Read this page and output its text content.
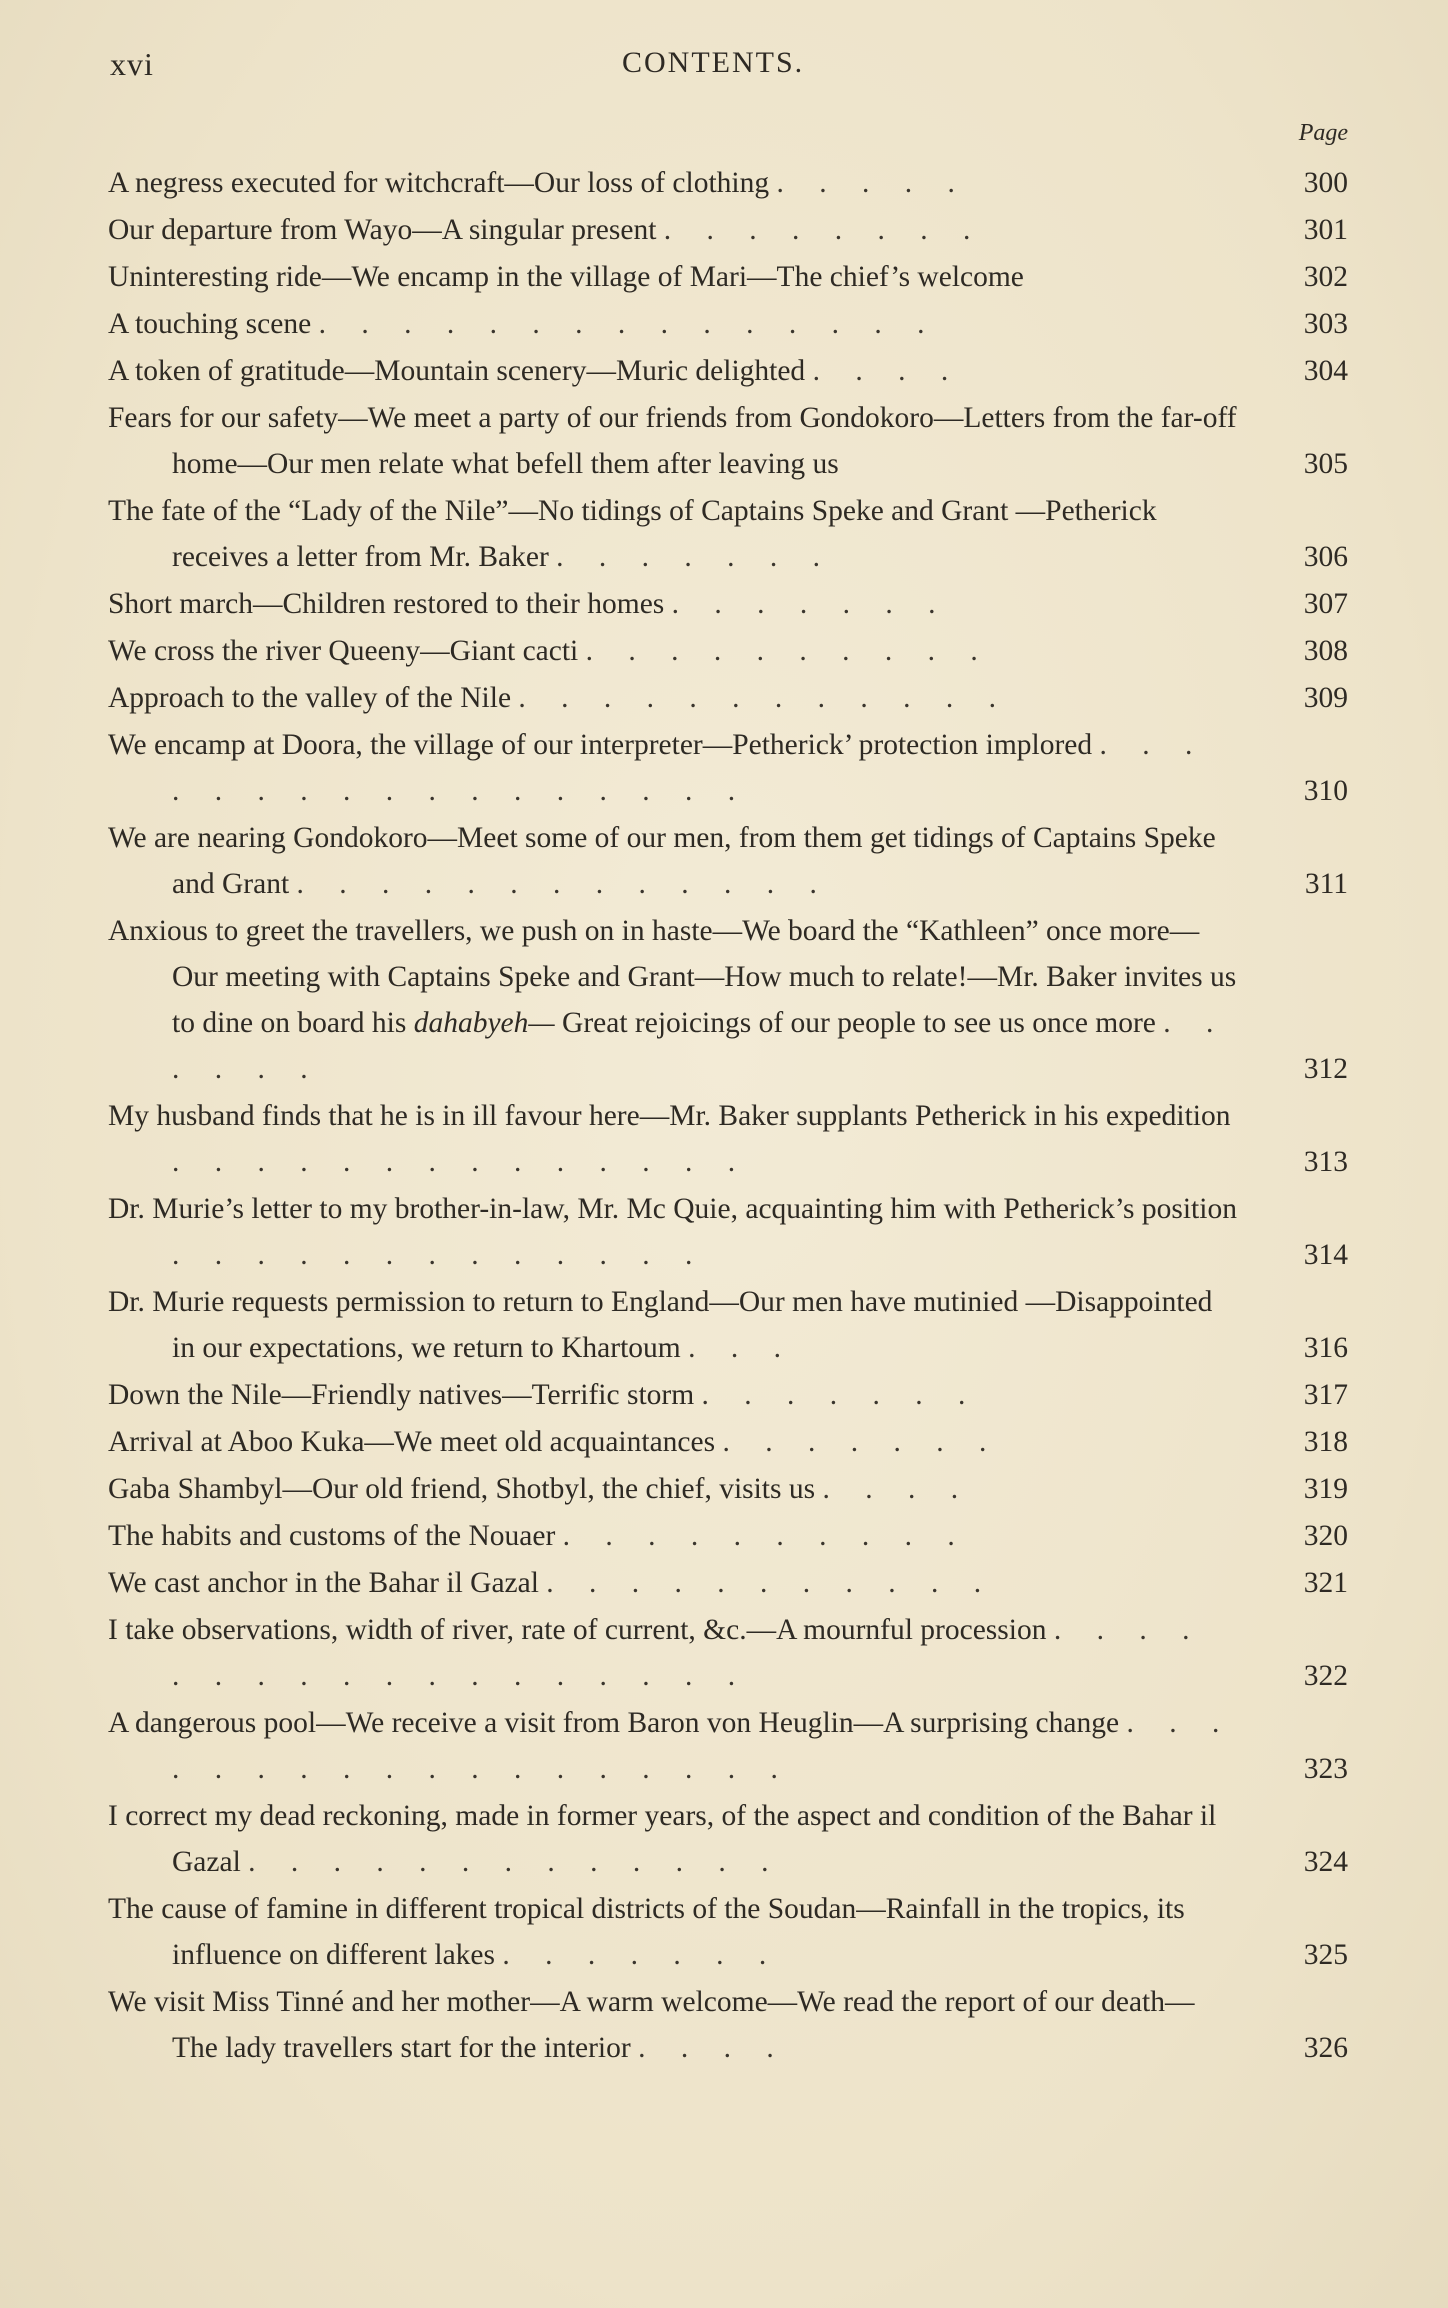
xvi	CONTENTS.
Page
A negress executed for witchcraft—Our loss of clothing . . . . .	300
Our departure from Wayo—A singular present . . . . . . . .	301
Uninteresting ride—We encamp in the village of Mari—The chief’s welcome	302
A touching scene . . . . . . . . . . . . . . .	303
A token of gratitude—Mountain scenery—Muric delighted . . . .	304
Fears for our safety—We meet a party of our friends from Gondokoro—Letters from the far-off home—Our men relate what befell them after leaving us	305
The fate of the “Lady of the Nile”—No tidings of Captains Speke and Grant —Petherick receives a letter from Mr. Baker . . . . . . .	306
Short march—Children restored to their homes . . . . . . .	307
We cross the river Queeny—Giant cacti . . . . . . . . . .	308
Approach to the valley of the Nile . . . . . . . . . . . .	309
We encamp at Doora, the village of our interpreter—Petherick’ protection implored . . . . . . . . . . . . . . . . .	310
We are nearing Gondokoro—Meet some of our men, from them get tidings of Captains Speke and Grant . . . . . . . . . . . . .	311
Anxious to greet the travellers, we push on in haste—We board the “Kathleen” once more—Our meeting with Captains Speke and Grant—How much to relate!—Mr. Baker invites us to dine on board his dahabyeh— Great rejoicings of our people to see us once more . . . . . .	312
My husband finds that he is in ill favour here—Mr. Baker supplants Petherick in his expedition . . . . . . . . . . . . . .	313
Dr. Murie’s letter to my brother-in-law, Mr. Mc Quie, acquainting him with Petherick’s position . . . . . . . . . . . . .	314
Dr. Murie requests permission to return to England—Our men have mutinied —Disappointed in our expectations, we return to Khartoum . . .	316
Down the Nile—Friendly natives—Terrific storm . . . . . . .	317
Arrival at Aboo Kuka—We meet old acquaintances . . . . . . .	318
Gaba Shambyl—Our old friend, Shotbyl, the chief, visits us . . . .	319
The habits and customs of the Nouaer . . . . . . . . . .	320
We cast anchor in the Bahar il Gazal . . . . . . . . . . .	321
I take observations, width of river, rate of current, &c.—A mournful procession . . . . . . . . . . . . . . . . . .	322
A dangerous pool—We receive a visit from Baron von Heuglin—A surprising change . . . . . . . . . . . . . . . . . .	323
I correct my dead reckoning, made in former years, of the aspect and condition of the Bahar il Gazal . . . . . . . . . . . . .	324
The cause of famine in different tropical districts of the Soudan—Rainfall in the tropics, its influence on different lakes . . . . . . .	325
We visit Miss Tinné and her mother—A warm welcome—We read the report of our death—The lady travellers start for the interior . . . .	326
